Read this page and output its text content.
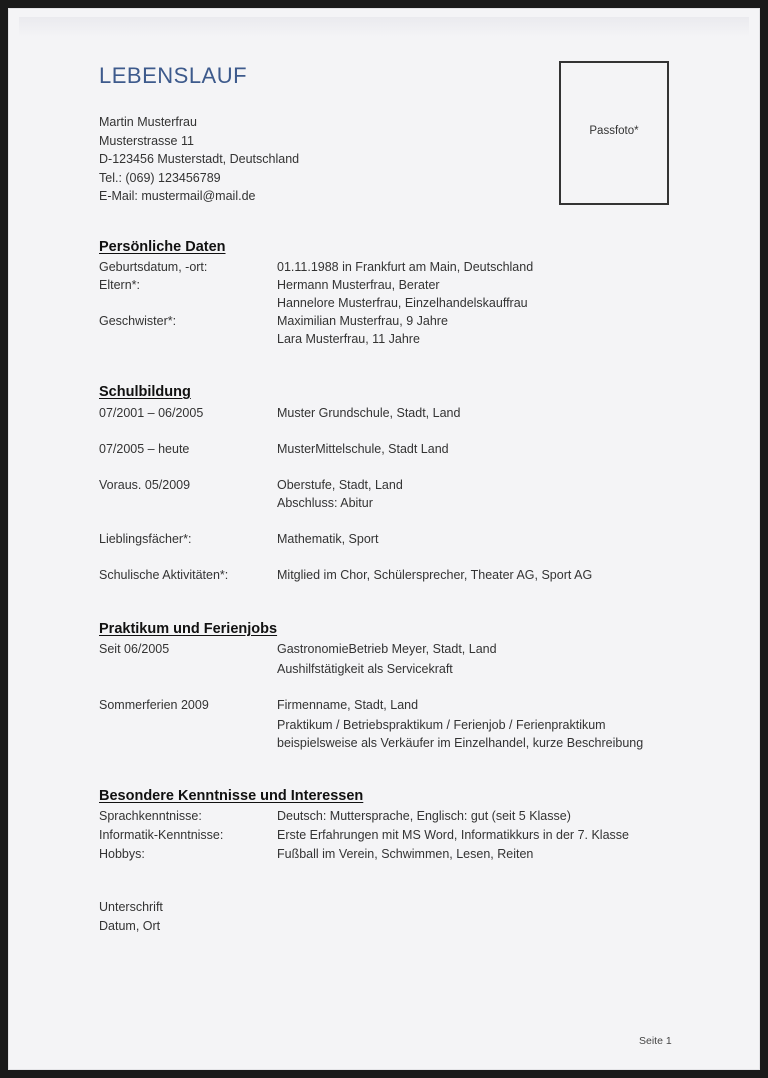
LEBENSLAUF
Martin Musterfrau
Musterstrasse 11
D-123456 Musterstadt, Deutschland
Tel.: (069) 123456789
E-Mail: mustermail@mail.de
Passfoto*
Persönliche Daten
Geburtsdatum, -ort:	01.11.1988 in Frankfurt am Main, Deutschland
Eltern*:	Hermann Musterfrau, Berater
Hannelore Musterfrau, Einzelhandelskauffrau
Geschwister*:	Maximilian Musterfrau, 9 Jahre
Lara Musterfrau, 11 Jahre
Schulbildung
07/2001 – 06/2005	Muster Grundschule, Stadt, Land
07/2005 – heute	MusterMittelschule, Stadt Land
Voraus. 05/2009	Oberstufe, Stadt, Land
Abschluss: Abitur
Lieblingsfächer*:	Mathematik, Sport
Schulische Aktivitäten*:	Mitglied im Chor, Schülersprecher, Theater AG, Sport AG
Praktikum und Ferienjobs
Seit 06/2005	GastronomieBetrieb Meyer, Stadt, Land
Aushilfstätigkeit als Servicekraft
Sommerferien 2009	Firmenname, Stadt, Land
Praktikum / Betriebspraktikum / Ferienjob / Ferienpraktikum
beispielsweise als Verkäufer im Einzelhandel, kurze Beschreibung
Besondere Kenntnisse und Interessen
Sprachkenntnisse:	Deutsch: Muttersprache, Englisch: gut (seit 5 Klasse)
Informatik-Kenntnisse:	Erste Erfahrungen mit MS Word, Informatikkurs in der 7. Klasse
Hobbys:	Fußball im Verein, Schwimmen, Lesen, Reiten
Unterschrift
Datum, Ort
Seite 1
